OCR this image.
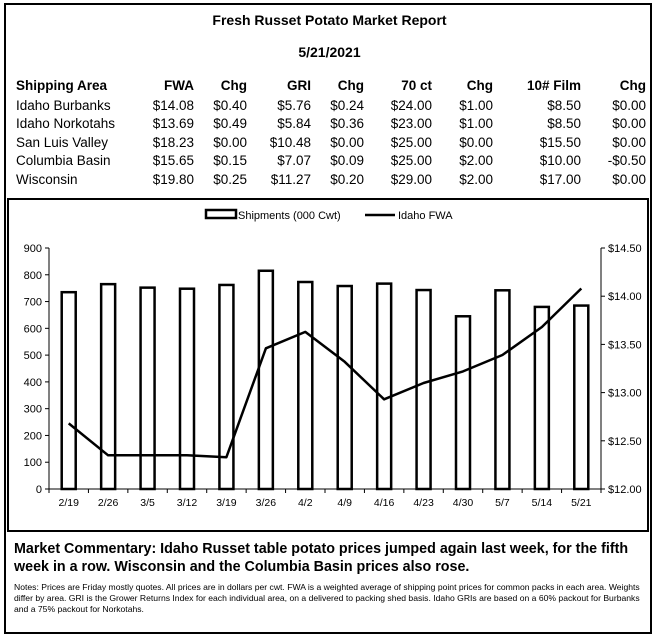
Fresh Russet Potato Market Report
5/21/2021
Shipping Area	FWA	Chg	GRI	Chg	70 ct	Chg	10# Film	Chg
Idaho Burbanks	$14.08	$0.40	$5.76	$0.24	$24.00	$1.00	$8.50	$0.00
Idaho Norkotahs	$13.69	$0.49	$5.84	$0.36	$23.00	$1.00	$8.50	$0.00
San Luis Valley	$18.23	$0.00	$10.48	$0.00	$25.00	$0.00	$15.50	$0.00
Columbia Basin	$15.65	$0.15	$7.07	$0.09	$25.00	$2.00	$10.00	-$0.50
Wisconsin	$19.80	$0.25	$11.27	$0.20	$29.00	$2.00	$17.00	$0.00
0
100
200
300
400
500
600
700
800
900
$12.00
$12.50
$13.00
$13.50
$14.00
$14.50
2/19 2/26 3/5 3/12 3/19 3/26 4/2 4/9 4/16 4/23 4/30 5/7 5/14 5/21
Shipments (000 Cwt)	Idaho FWA
Market Commentary: Idaho Russet table potato prices jumped again last week, for the fifth week in a row. Wisconsin and the Columbia Basin prices also rose.
Notes: Prices are Friday mostly quotes. All prices are in dollars per cwt. FWA is a weighted average of shipping point prices for common packs in each area. Weights differ by area. GRI is the Grower Returns Index for each individual area, on a delivered to packing shed basis. Idaho GRIs are based on a 60% packout for Burbanks and a 75% packout for Norkotahs.
